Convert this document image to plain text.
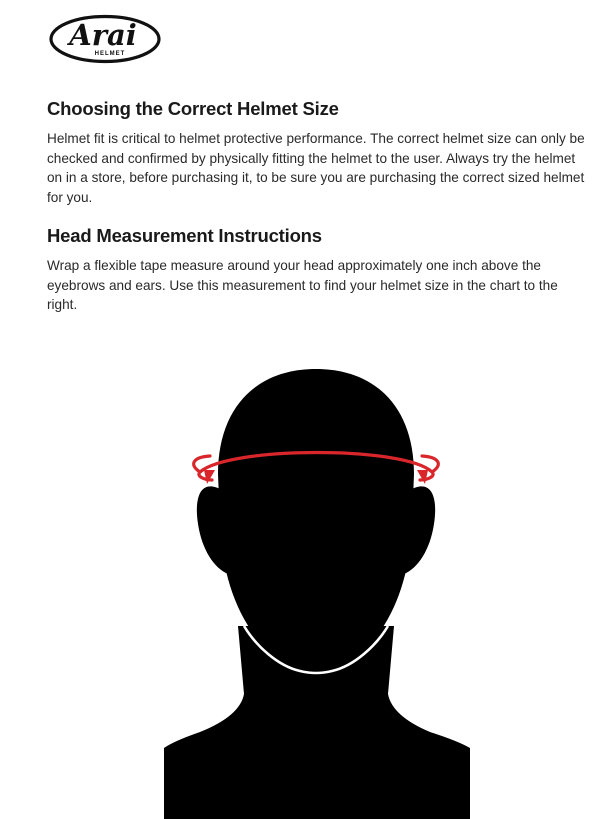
Arai
HELMET
Choosing the Correct Helmet Size

Helmet fit is critical to helmet protective performance. The correct helmet size can only be checked and confirmed by physically fitting the helmet to the user. Always try the helmet on in a store, before purchasing it, to be sure you are purchasing the correct sized helmet for you.

Head Measurement Instructions

Wrap a flexible tape measure around your head approximately one inch above the eyebrows and ears. Use this measurement to find your helmet size in the chart to the right.
